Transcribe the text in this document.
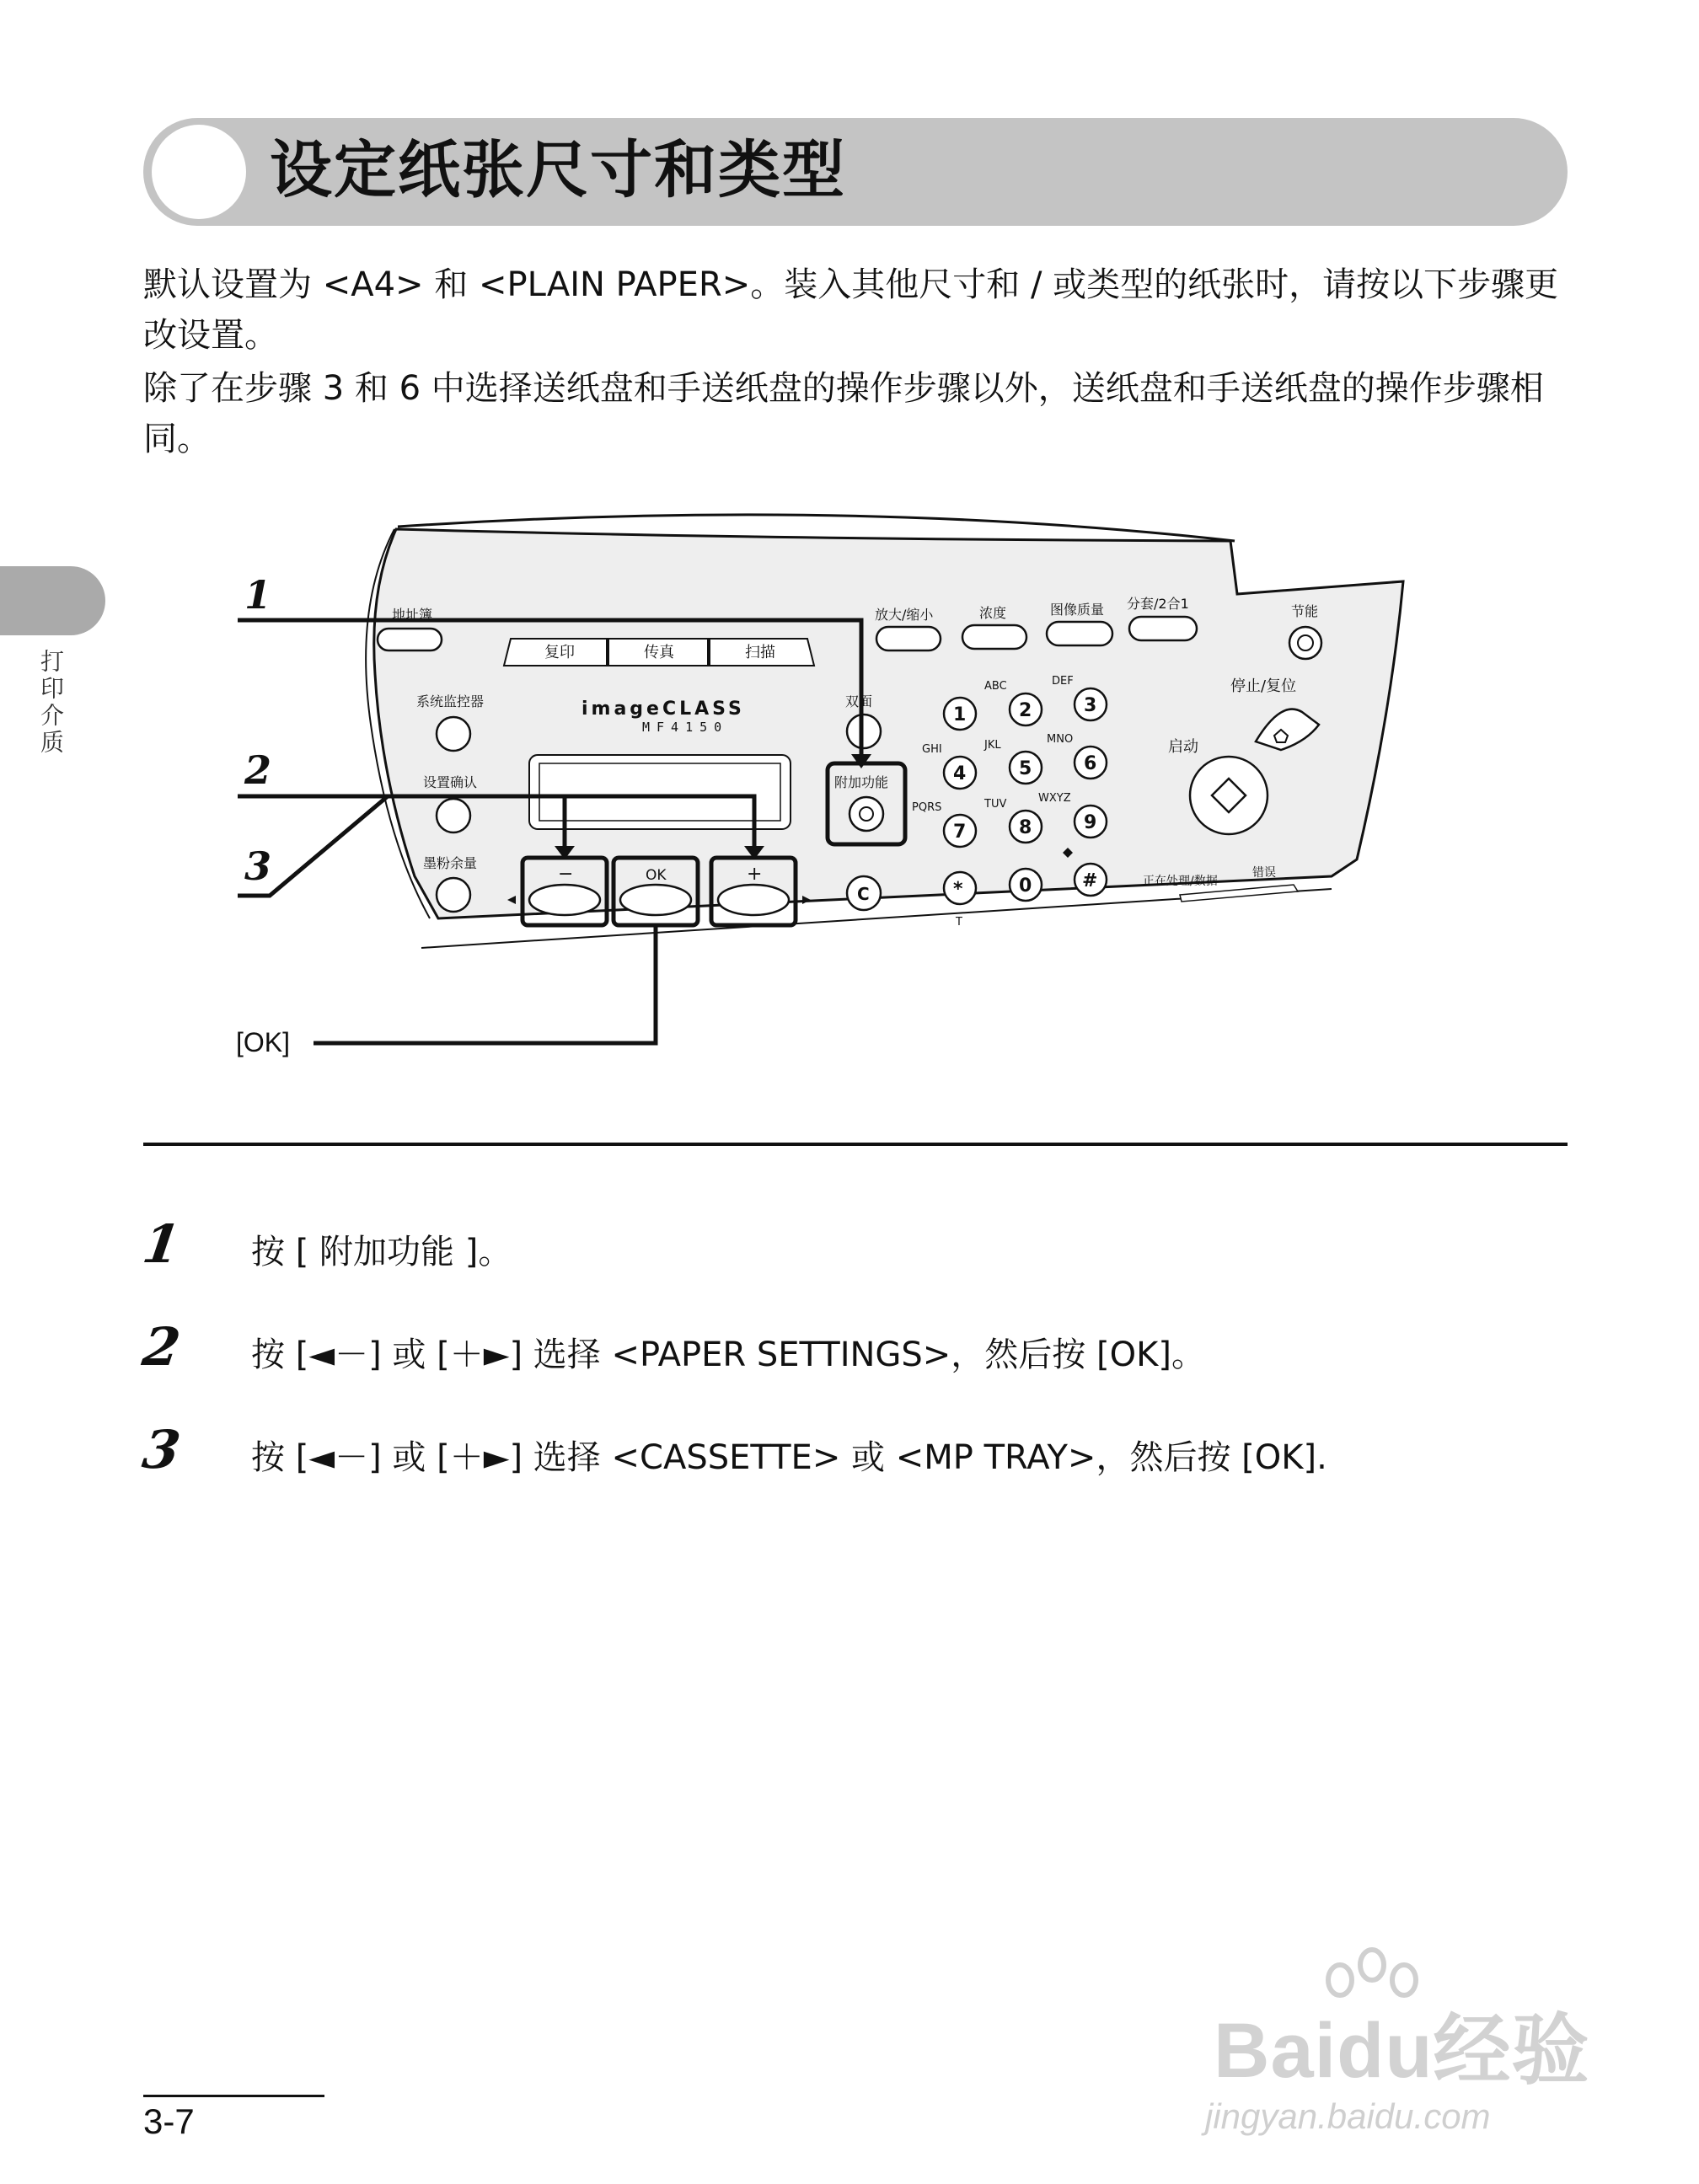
设定纸张尺寸和类型

默认设置为 <A4> 和 <PLAIN PAPER>。装入其他尺寸和 / 或类型的纸张时，请按以下步骤更改设置。

除了在步骤 3 和 6 中选择送纸盘和手送纸盘的操作步骤以外，送纸盘和手送纸盘的操作步骤相同。

打印介质
地址簿
复印	传真	扫描
放大/缩小	浓度	图像质量 分套/2合1	节能
系统监控器
设置确认
墨粉余量
imageCLASS
MF4150
−	OK	+
C
双面
附加功能
1	2	3
4	5	6
7	8	9
*	0	#
ABC	DEF
GHI	JKL	MNO
PQRS	TUV	WXYZ
T
停止/复位
启动
正在处理/数据
错误
1
2
3
[OK]
1 按 [ 附加功能 ]。
2 按 [◄－] 或 [＋►] 选择 <PAPER SETTINGS>，然后按 [OK]。
3 按 [◄－] 或 [＋►] 选择 <CASSETTE> 或 <MP TRAY>，然后按 [OK].
3-7
Baidu经验
jingyan.baidu.com
